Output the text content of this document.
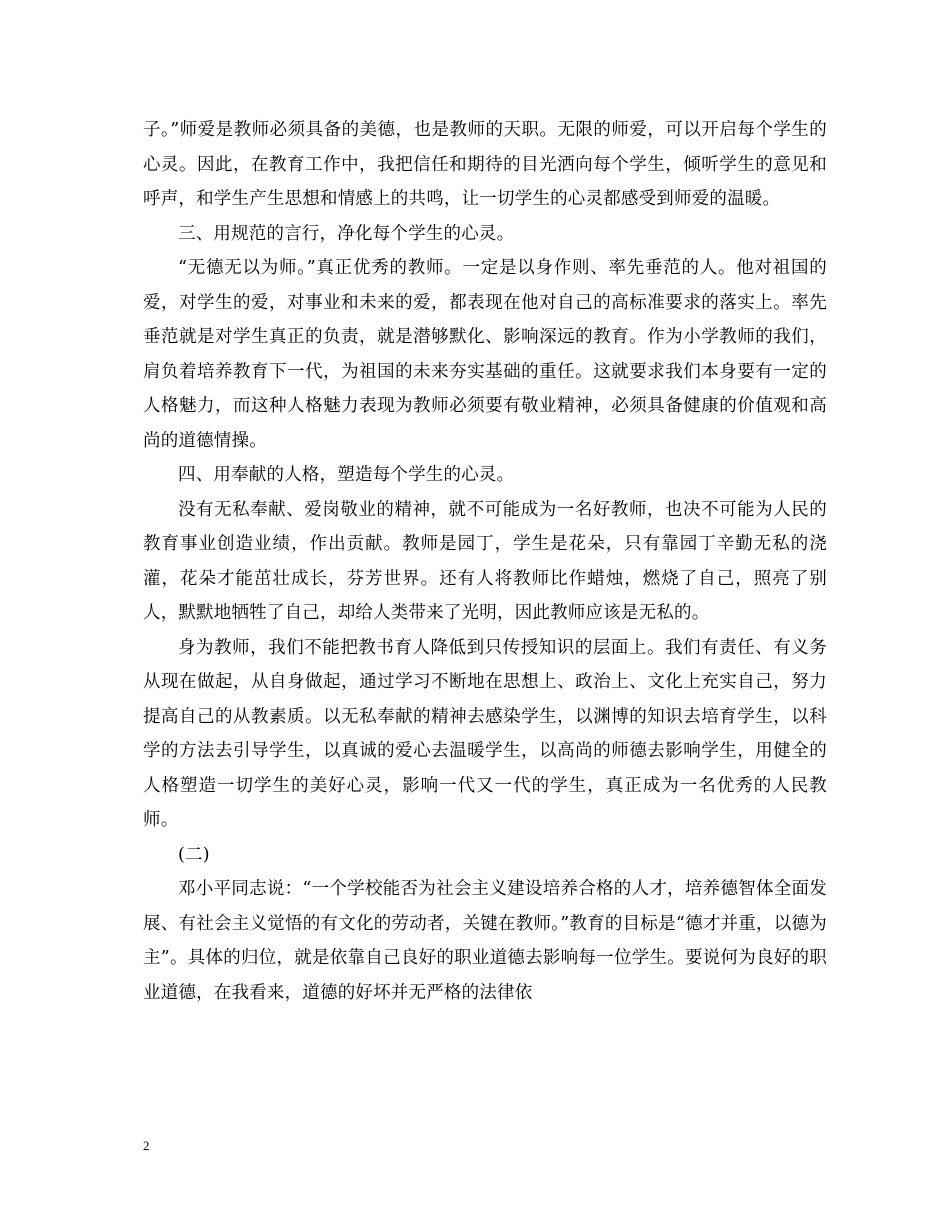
子。”师爱是教师必须具备的美德，也是教师的天职。无限的师爱，可以开启每个学生的心灵。因此，在教育工作中，我把信任和期待的目光洒向每个学生，倾听学生的意见和呼声，和学生产生思想和情感上的共鸣，让一切学生的心灵都感受到师爱的温暖。

三、用规范的言行，净化每个学生的心灵。

“无德无以为师。”真正优秀的教师。一定是以身作则、率先垂范的人。他对祖国的爱，对学生的爱，对事业和未来的爱，都表现在他对自己的高标准要求的落实上。率先垂范就是对学生真正的负责，就是潜够默化、影响深远的教育。作为小学教师的我们，肩负着培养教育下一代，为祖国的未来夯实基础的重任。这就要求我们本身要有一定的人格魅力，而这种人格魅力表现为教师必须要有敬业精神，必须具备健康的价值观和高尚的道德情操。

四、用奉献的人格，塑造每个学生的心灵。

没有无私奉献、爱岗敬业的精神，就不可能成为一名好教师，也决不可能为人民的教育事业创造业绩，作出贡献。教师是园丁，学生是花朵，只有靠园丁辛勤无私的浇灌，花朵才能茁壮成长，芬芳世界。还有人将教师比作蜡烛，燃烧了自己，照亮了别人，默默地牺牲了自己，却给人类带来了光明，因此教师应该是无私的。

身为教师，我们不能把教书育人降低到只传授知识的层面上。我们有责任、有义务从现在做起，从自身做起，通过学习不断地在思想上、政治上、文化上充实自己，努力提高自己的从教素质。以无私奉献的精神去感染学生，以渊博的知识去培育学生，以科学的方法去引导学生，以真诚的爱心去温暖学生，以高尚的师德去影响学生，用健全的人格塑造一切学生的美好心灵，影响一代又一代的学生，真正成为一名优秀的人民教师。

(二)

邓小平同志说：“一个学校能否为社会主义建设培养合格的人才，培养德智体全面发展、有社会主义觉悟的有文化的劳动者，关键在教师。”教育的目标是“德才并重，以德为主”。具体的归位，就是依靠自己良好的职业道德去影响每一位学生。要说何为良好的职业道德，在我看来，道德的好坏并无严格的法律依

2
